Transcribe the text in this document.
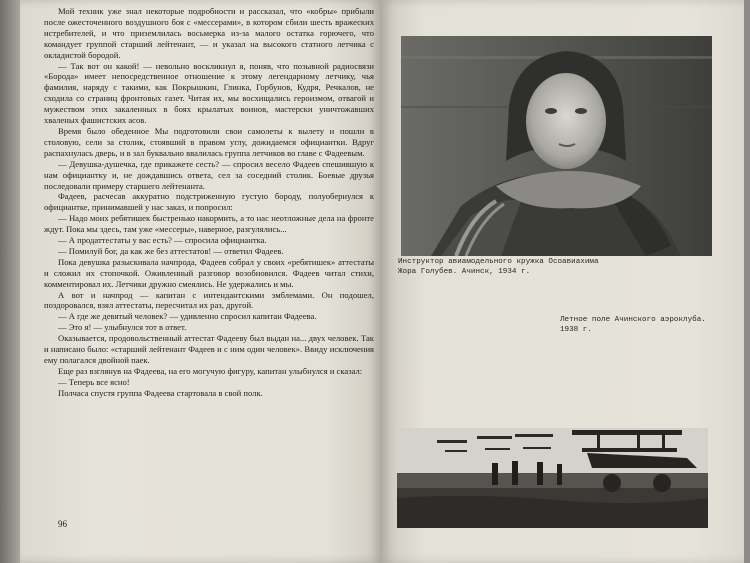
Мой техник уже знал некоторые подробности и рассказал, что «кобры» прибыли после ожесточенного воздушного боя с «мессерами», в котором сбили шесть вражеских истребителей, и что приземлилась восьмерка из-за малого остатка горючего, что командует группой старший лейтенант, — и указал на высокого статного летчика с окладистой бородой.

— Так вот он какой! — невольно воскликнул я, поняв, что позывной радиосвязи «Борода» имеет непосредственное отношение к этому легендарному летчику, чья фамилия, наряду с такими, как Покрышкин, Глинка, Горбунов, Кудря, Речкалов, не сходила со страниц фронтовых газет. Читая их, мы восхищались героизмом, отвагой и мужеством этих закаленных в боях крылатых воинов, мастерски уничтожавших хваленых фашистских асов.

Время было обеденное Мы подготовили свои самолеты к вылету и пошли в столовую, сели за столик, стоявший в правом углу, дожидаемся официантки. Вдруг распахнулась дверь, и в зал буквально ввалилась группа летчиков во главе с Фадеевым.

— Девушка-душечка, где прикажете сесть? — спросил веселo Фадеев спешившую к нам официантку и, не дождавшись ответа, сел за соседний столик. Боевые друзья последовали примеру старшего лейтенанта.

Фадеев, расчесав аккуратно подстриженную густую бороду, полуобернулся к официантке, принимавшей у нас заказ, и попросил:

— Надо моих ребятишек быстренько накормить, а то нас неотложные дела на фронте ждут. Пока мы здесь, там уже «мессеры», наверное, разгулялись...

— А продаттестаты у вас есть? — спросила официантка.

— Помилуй бог, да как же без аттестатов! — ответил Фадеев.

Пока девушка разыскивала начпрода, Фадеев собрал у своих «ребятишек» аттестаты и сложил их стопочкой. Оживленный разговор возобновился. Фадеев читал стихи, комментировал их. Летчики дружно смеялись. Не удержались и мы.

А вот и начпрод — капитан с интендантскими эмблемами. Он подошел, поздоровался, взял аттестаты, пересчитал их раз, другой.

— А где же девятый человек? — удивленно спросил капитан Фадеева.

— Это я! — улыбнулся тот в ответ.

Оказывается, продовольственный аттестат Фадееву был выдан на... двух человек. Так и написано было: «старший лейтенант Фадеев и с ним один человек». Ввиду исключения ему полагался двойной паек.

Еще раз взглянув на Фадеева, на его могучую фигуру, капитан улыбнулся и сказал:

— Теперь все ясно!

Полчаса спустя группа Фадеева стартовала в свой полк.

96
Инструктор авиамодельного кружка Осоавиахима Жора Голубев. Ачинск, 1934 г.
Летное поле Ачинского аэроклуба. 1938 г.
